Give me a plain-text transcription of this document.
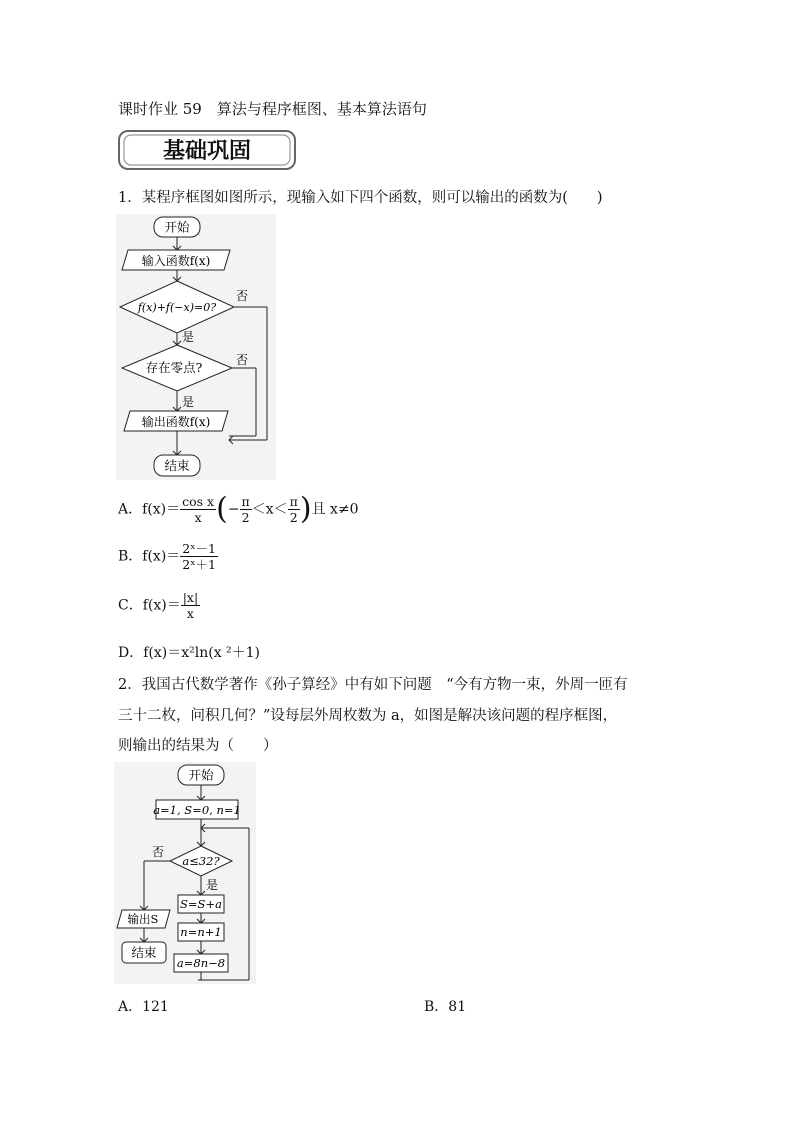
课时作业 59　算法与程序框图、基本算法语句
基础巩固
1．某程序框图如图所示，现输入如下四个函数，则可以输出的函数为(　　)
开始
输入函数f(x)
f(x)+f(−x)=0?
否
是
存在零点?	否
是
输出函数f(x)
结束
A．$f(x)= \frac{\text{cos x}}{x}$ (− $\frac{\pi}{2} <x< \frac{\pi}{2}$ )且 x≠0
B．$f(x)= \frac{\text{2ˣ－1}}{\text{2ˣ＋1}}$
C．$f(x)= \frac{|x|}{x}$
D．f(x)＝x²ln(x ²＋1)
2．我国古代数学著作《孙子算经》中有如下问题　“今有方物一束，外周一匝有
三十二枚，问积几何？”设每层外周枚数为 a，如图是解决该问题的程序框图，
则输出的结果为（　　）
开始
a=1, S=0, n=1
a≤32?
否
是
S=S+a
n=n+1
a=8n−8
输出S
结束
A．121	B．81
